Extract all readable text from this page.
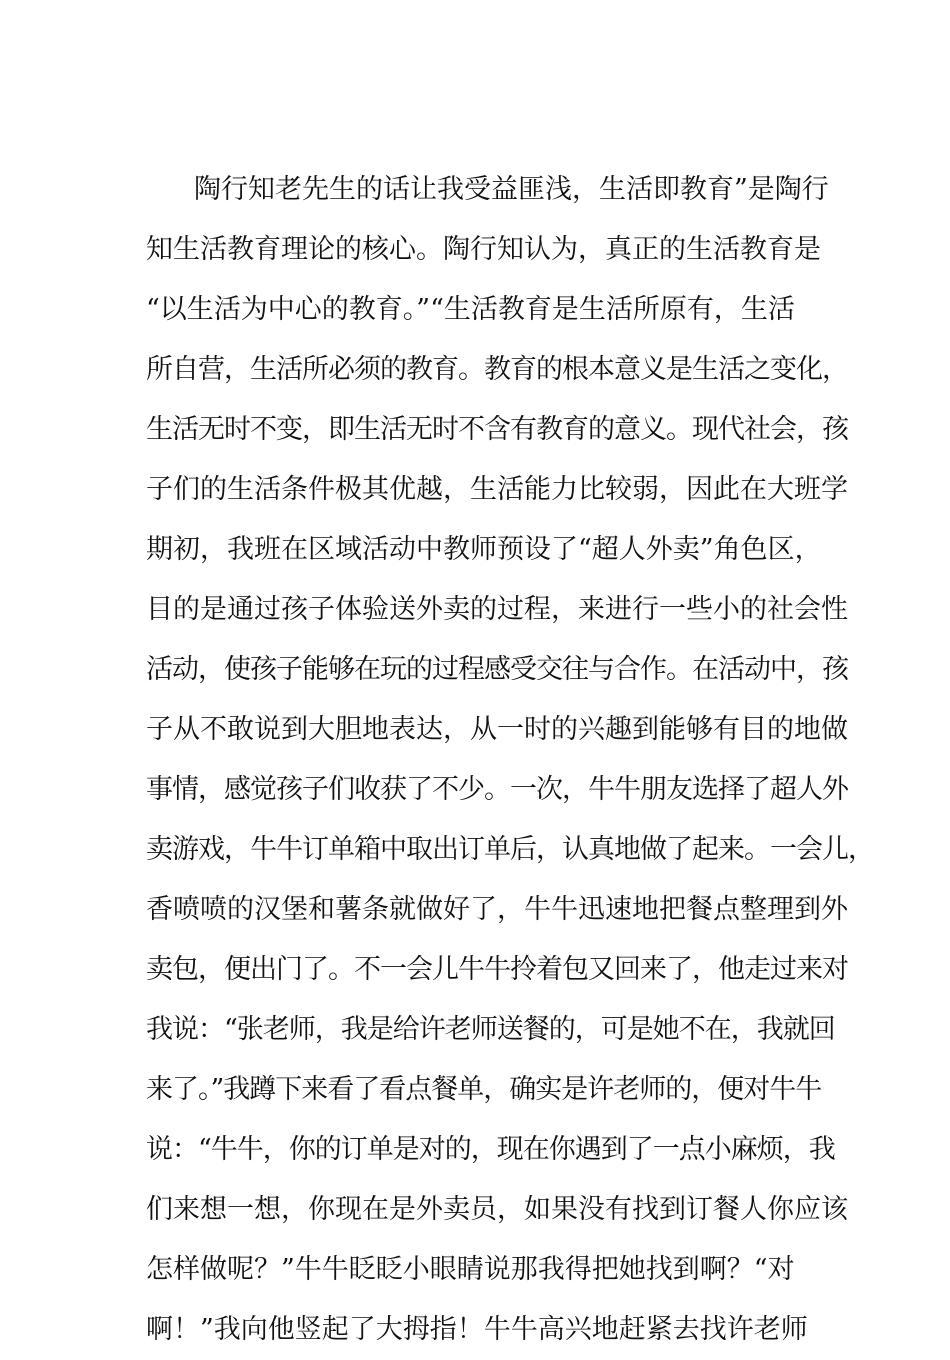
陶行知老先生的话让我受益匪浅，生活即教育”是陶行
知生活教育理论的核心。陶行知认为，真正的生活教育是
“以生活为中心的教育。”“生活教育是生活所原有，生活
所自营，生活所必须的教育。教育的根本意义是生活之变化，
生活无时不变，即生活无时不含有教育的意义。现代社会，孩
子们的生活条件极其优越，生活能力比较弱，因此在大班学
期初，我班在区域活动中教师预设了“超人外卖”角色区，
目的是通过孩子体验送外卖的过程，来进行一些小的社会性
活动，使孩子能够在玩的过程感受交往与合作。在活动中，孩
子从不敢说到大胆地表达，从一时的兴趣到能够有目的地做
事情，感觉孩子们收获了不少。一次，牛牛朋友选择了超人外
卖游戏，牛牛订单箱中取出订单后，认真地做了起来。一会儿，
香喷喷的汉堡和薯条就做好了，牛牛迅速地把餐点整理到外
卖包，便出门了。不一会儿牛牛拎着包又回来了，他走过来对
我说：“张老师，我是给许老师送餐的，可是她不在，我就回
来了。”我蹲下来看了看点餐单，确实是许老师的，便对牛牛
说：“牛牛，你的订单是对的，现在你遇到了一点小麻烦，我
们来想一想，你现在是外卖员，如果没有找到订餐人你应该
怎样做呢？”牛牛眨眨小眼睛说那我得把她找到啊？“对
啊！”我向他竖起了大拇指！牛牛高兴地赶紧去找许老师
